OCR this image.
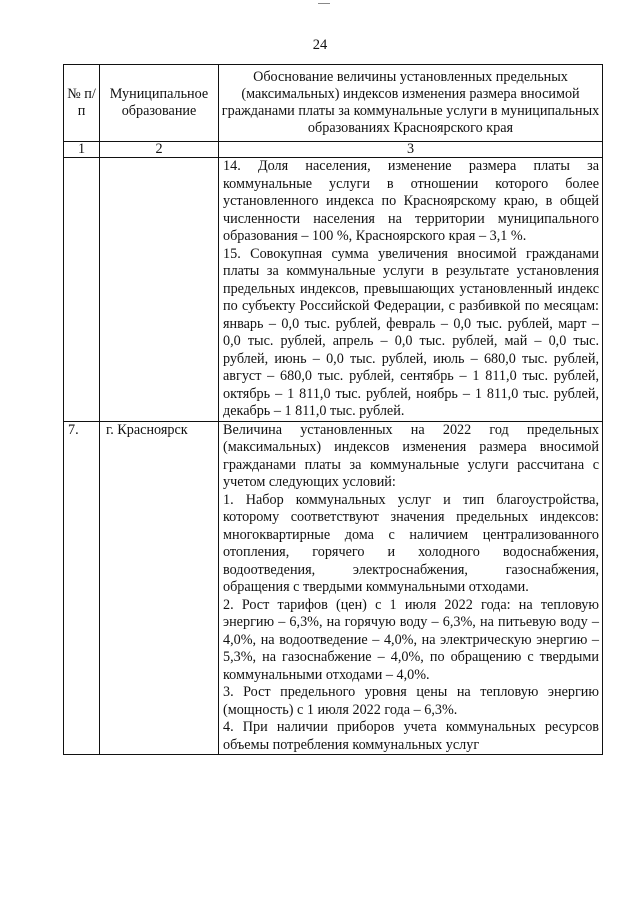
24
№ п/п	Муниципальное образование	Обоснование величины установленных предельных (максимальных) индексов изменения размера вносимой гражданами платы за коммунальные услуги в муниципальных образованиях Красноярского края
1	2	3

		14. Доля населения, изменение размера платы за коммунальные услуги в отношении которого более установленного индекса по Красноярскому краю, в общей численности населения на территории муниципального образования – 100 %, Красноярского края – 3,1 %.
15. Совокупная сумма увеличения вносимой гражданами платы за коммунальные услуги в результате установления предельных индексов, превышающих установленный индекс по субъекту Российской Федерации, с разбивкой по месяцам: январь – 0,0 тыс. рублей, февраль – 0,0 тыс. рублей, март – 0,0 тыс. рублей, апрель – 0,0 тыс. рублей, май – 0,0 тыс. рублей, июнь – 0,0 тыс. рублей, июль – 680,0 тыс. рублей, август – 680,0 тыс. рублей, сентябрь – 1 811,0 тыс. рублей, октябрь – 1 811,0 тыс. рублей, ноябрь – 1 811,0 тыс. рублей, декабрь – 1 811,0 тыс. рублей.

7.	г. Красноярск	Величина установленных на 2022 год предельных (максимальных) индексов изменения размера вносимой гражданами платы за коммунальные услуги рассчитана с учетом следующих условий:
1. Набор коммунальных услуг и тип благоустройства, которому соответствуют значения предельных индексов: многоквартирные дома с наличием централизованного отопления, горячего и холодного водоснабжения, водоотведения, электроснабжения, газоснабжения, обращения с твердыми коммунальными отходами.
2. Рост тарифов (цен) с 1 июля 2022 года: на тепловую энергию – 6,3%, на горячую воду – 6,3%, на питьевую воду – 4,0%, на водоотведение – 4,0%, на электрическую энергию – 5,3%, на газоснабжение – 4,0%, по обращению с твердыми коммунальными отходами – 4,0%.
3. Рост предельного уровня цены на тепловую энергию (мощность) с 1 июля 2022 года – 6,3%.
4. При наличии приборов учета коммунальных ресурсов объемы потребления коммунальных услуг
